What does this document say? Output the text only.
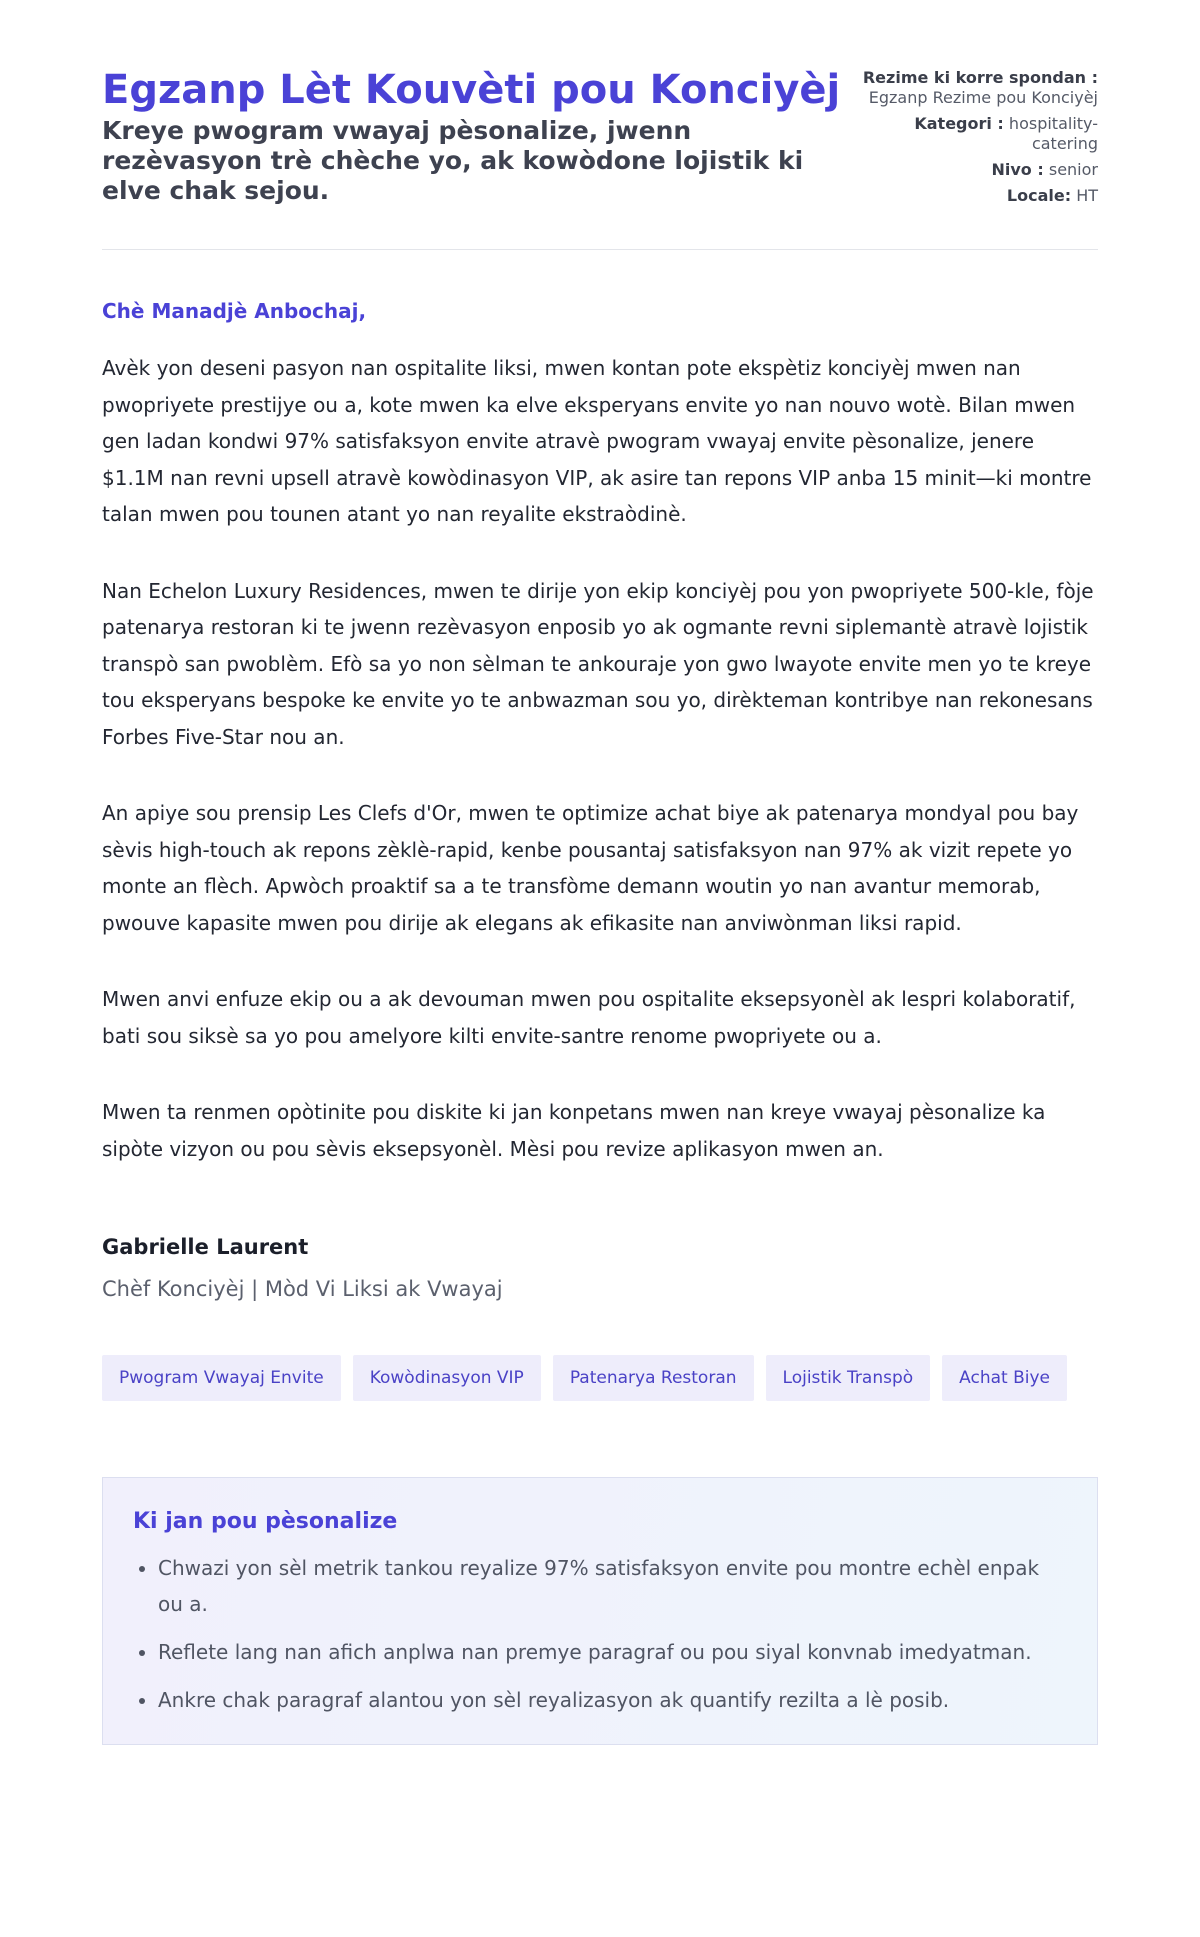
Egzanp Lèt Kouvèti pou Konciyèj

Kreye pwogram vwayaj pèsonalize, jwenn rezèvasyon trè chèche yo, ak kowòdone lojistik ki elve chak sejou.

Rezime ki korre spondan : Egzanp Rezime pou Konciyèj
Kategori : hospitality-catering
Nivo : senior
Locale: HT

Chè Manadjè Anbochaj,

Avèk yon deseni pasyon nan ospitalite liksi, mwen kontan pote ekspètiz konciyèj mwen nan pwopriyete prestijye ou a, kote mwen ka elve eksperyans envite yo nan nouvo wotè. Bilan mwen gen ladan kondwi 97% satisfaksyon envite atravè pwogram vwayaj envite pèsonalize, jenere $1.1M nan revni upsell atravè kowòdinasyon VIP, ak asire tan repons VIP anba 15 minit—ki montre talan mwen pou tounen atant yo nan reyalite ekstraòdinè.

Nan Echelon Luxury Residences, mwen te dirije yon ekip konciyèj pou yon pwopriyete 500-kle, fòje patenarya restoran ki te jwenn rezèvasyon enposib yo ak ogmante revni siplemantè atravè lojistik transpò san pwoblèm. Efò sa yo non sèlman te ankouraje yon gwo lwayote envite men yo te kreye tou eksperyans bespoke ke envite yo te anbwazman sou yo, dirèkteman kontribye nan rekonesans Forbes Five-Star nou an.

An apiye sou prensip Les Clefs d'Or, mwen te optimize achat biye ak patenarya mondyal pou bay sèvis high-touch ak repons zèklè-rapid, kenbe pousantaj satisfaksyon nan 97% ak vizit repete yo monte an flèch. Apwòch proaktif sa a te transfòme demann woutin yo nan avantur memorab, pwouve kapasite mwen pou dirije ak elegans ak efikasite nan anviwònman liksi rapid.

Mwen anvi enfuze ekip ou a ak devouman mwen pou ospitalite eksepsyonèl ak lespri kolaboratif, bati sou siksè sa yo pou amelyore kilti envite-santre renome pwopriyete ou a.

Mwen ta renmen opòtinite pou diskite ki jan konpetans mwen nan kreye vwayaj pèsonalize ka sipòte vizyon ou pou sèvis eksepsyonèl. Mèsi pou revize aplikasyon mwen an.

Gabrielle Laurent
Chèf Konciyèj | Mòd Vi Liksi ak Vwayaj
Pwogram Vwayaj Envite	Kowòdinasyon VIP	Patenarya Restoran	Lojistik Transpò	Achat Biye
Ki jan pou pèsonalize
• Chwazi yon sèl metrik tankou reyalize 97% satisfaksyon envite pou montre echèl enpak ou a.
• Reflete lang nan afich anplwa nan premye paragraf ou pou siyal konvnab imedyatman.
• Ankre chak paragraf alantou yon sèl reyalizasyon ak quantify rezilta a lè posib.
